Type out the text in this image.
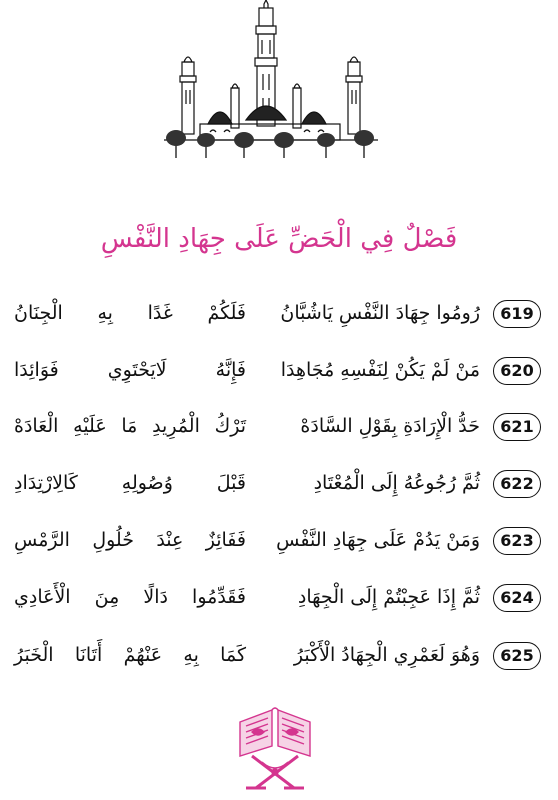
فَصْلٌ فِي الْحَضِّ عَلَى جِهَادِ النَّفْسِ
619
رُومُوا جِهَادَ النَّفْسِ يَاشُبَّانُ
فَلَكُمْ غَدًا بِهِ الْجِنَانُ
620
مَنْ لَمْ يَكُنْ لِنَفْسِهِ مُجَاهِدَا
فَإِنَّهُ لَايَحْتَوِي فَوَائِدَا
621
حَدُّ الْإِرَادَةِ بِقَوْلِ السَّادَهْ
تَرْكُ الْمُرِيدِ مَا عَلَيْهِ الْعَادَهْ
622
ثُمَّ رُجُوعُهُ إِلَى الْمُعْتَادِ
قَبْلَ وُصُولِهِ كَالِارْتِدَادِ
623
وَمَنْ يَدُمْ عَلَى جِهَادِ النَّفْسِ
فَفَائِزٌ عِنْدَ حُلُولِ الرَّمْسِ
624
ثُمَّ إِذَا عَجِبْتُمْ إِلَى الْجِهَادِ
فَقَدِّمُوا دَالًا مِنَ الْأَعَادِي
625
وَهُوَ لَعَمْرِي الْجِهَادُ الْأَكْبَرُ
كَمَا بِهِ عَنْهُمْ أَتَانَا الْخَبَرُ
